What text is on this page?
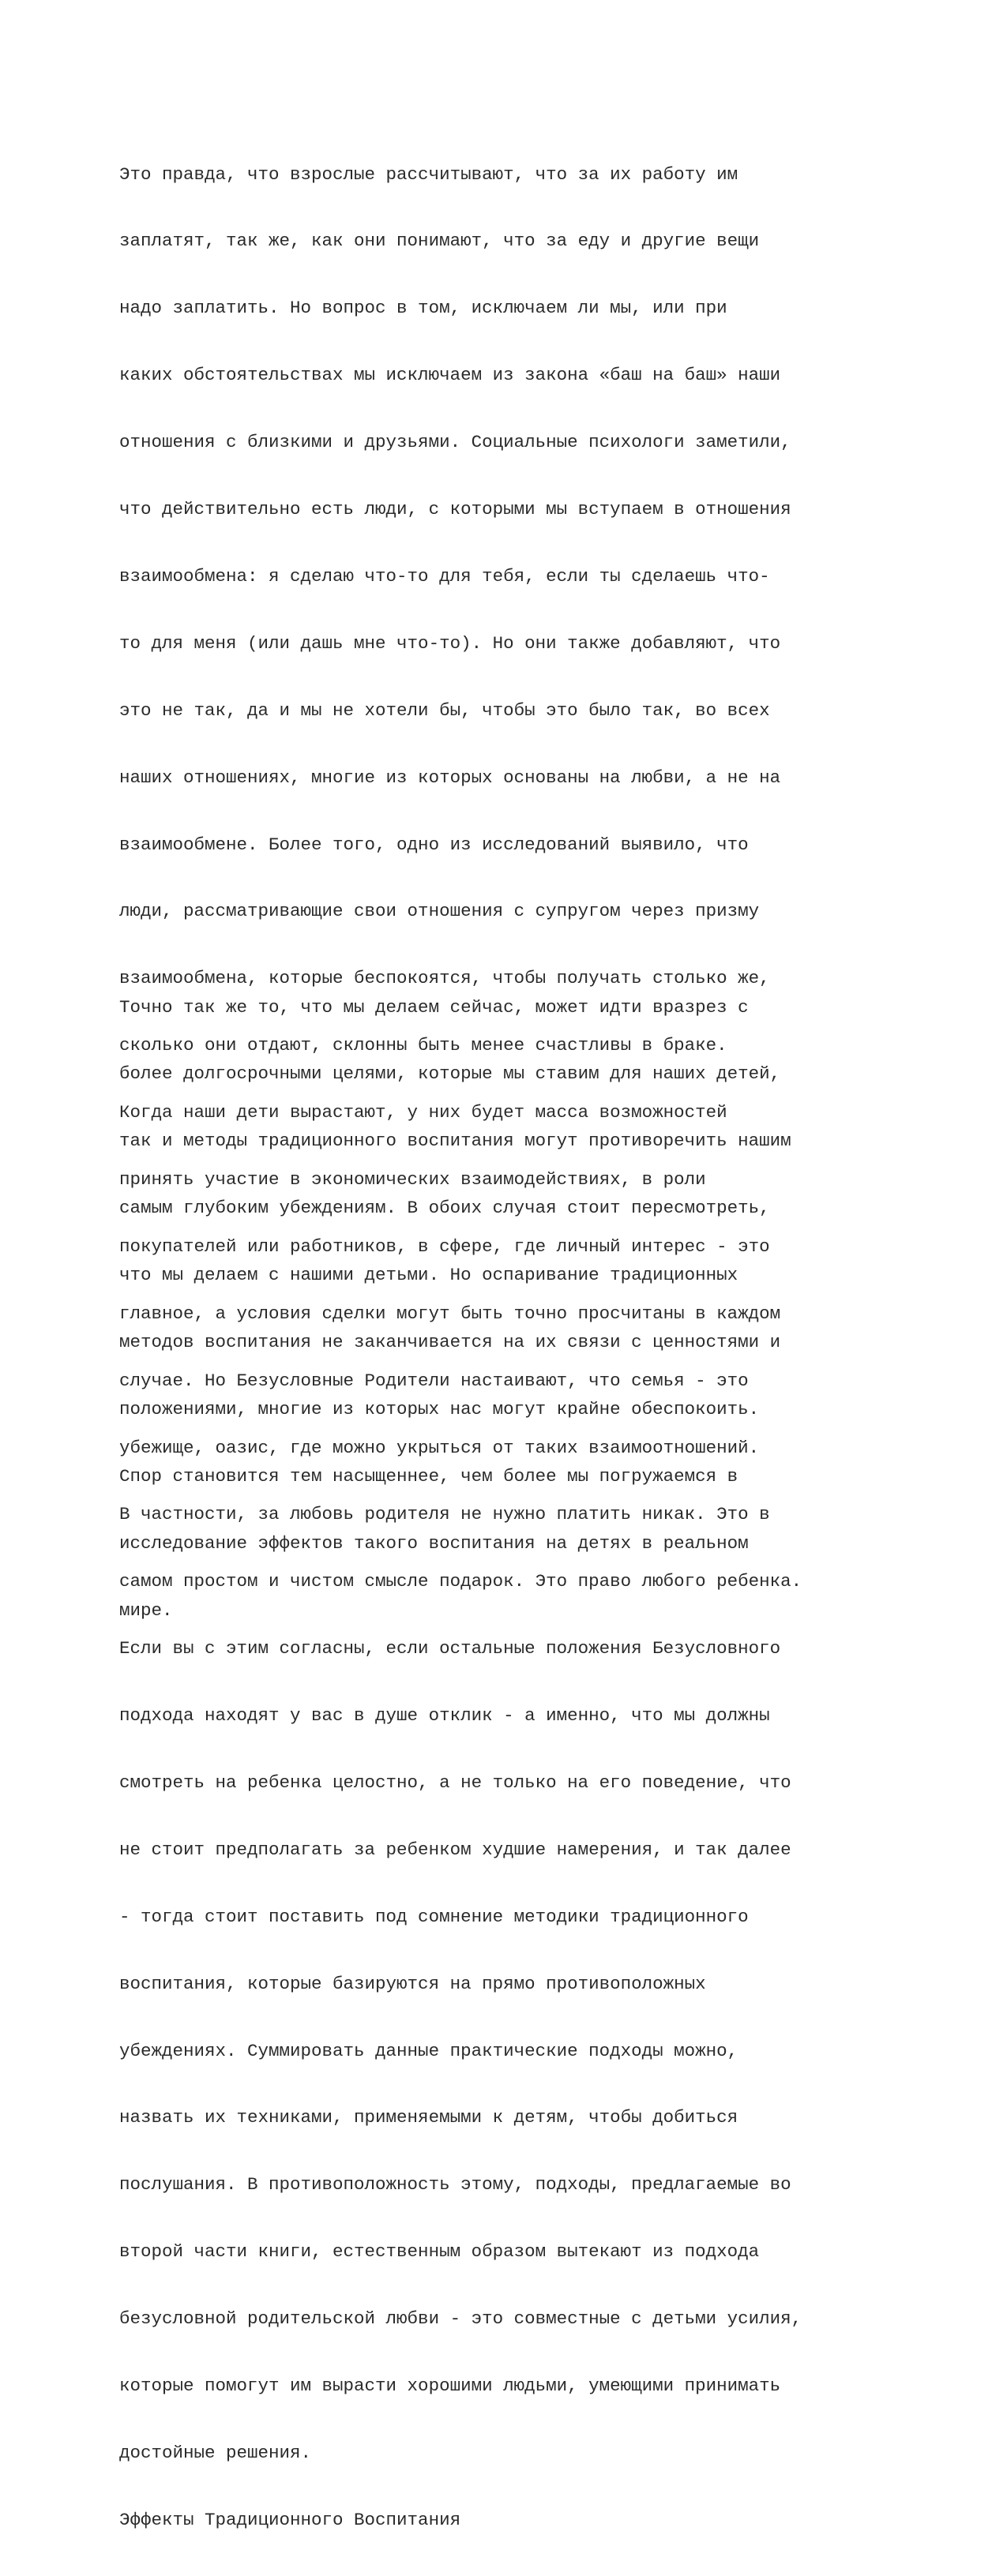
Это правда, что взрослые рассчитывают, что за их работу им

заплатят, так же, как они понимают, что за еду и другие вещи

надо заплатить. Но вопрос в том, исключаем ли мы, или при

каких обстоятельствах мы исключаем из закона «баш на баш» наши

отношения с близкими и друзьями. Социальные психологи заметили,

что действительно есть люди, с которыми мы вступаем в отношения

взаимообмена: я сделаю что-то для тебя, если ты сделаешь что-

то для меня (или дашь мне что-то). Но они также добавляют, что

это не так, да и мы не хотели бы, чтобы это было так, во всех

наших отношениях, многие из которых основаны на любви, а не на

взаимообмене. Более того, одно из исследований выявило, что

люди, рассматривающие свои отношения с супругом через призму

взаимообмена, которые беспокоятся, чтобы получать столько же,

сколько они отдают, склонны быть менее счастливы в браке.

Когда наши дети вырастают, у них будет масса возможностей

принять участие в экономических взаимодействиях, в роли

покупателей или работников, в сфере, где личный интерес - это

главное, а условия сделки могут быть точно просчитаны в каждом

случае. Но Безусловные Родители настаивают, что семья - это

убежище, оазис, где можно укрыться от таких взаимоотношений.

В частности, за любовь родителя не нужно платить никак. Это в

самом простом и чистом смысле подарок. Это право любого ребенка.

Если вы с этим согласны, если остальные положения Безусловного

подхода находят у вас в душе отклик - а именно, что мы должны

смотреть на ребенка целостно, а не только на его поведение, что

не стоит предполагать за ребенком худшие намерения, и так далее

- тогда стоит поставить под сомнение методики традиционного

воспитания, которые базируются на прямо противоположных

убеждениях. Суммировать данные практические подходы можно,

назвать их техниками, применяемыми к детям, чтобы добиться

послушания. В противоположность этому, подходы, предлагаемые во

второй части книги, естественным образом вытекают из подхода

безусловной родительской любви - это совместные с детьми усилия,

которые помогут им вырасти хорошими людьми, умеющими принимать

достойные решения.

Эффекты Традиционного Воспитания

Точно так же то, что мы делаем сейчас, может идти вразрез с

более долгосрочными целями, которые мы ставим для наших детей,

так и методы традиционного воспитания могут противоречить нашим

самым глубоким убеждениям. В обоих случая стоит пересмотреть,

что мы делаем с нашими детьми. Но оспаривание традиционных

методов воспитания не заканчивается на их связи с ценностями и

положениями, многие из которых нас могут крайне обеспокоить.

Спор становится тем насыщеннее, чем более мы погружаемся в

исследование эффектов такого воспитания на детях в реальном

мире.
